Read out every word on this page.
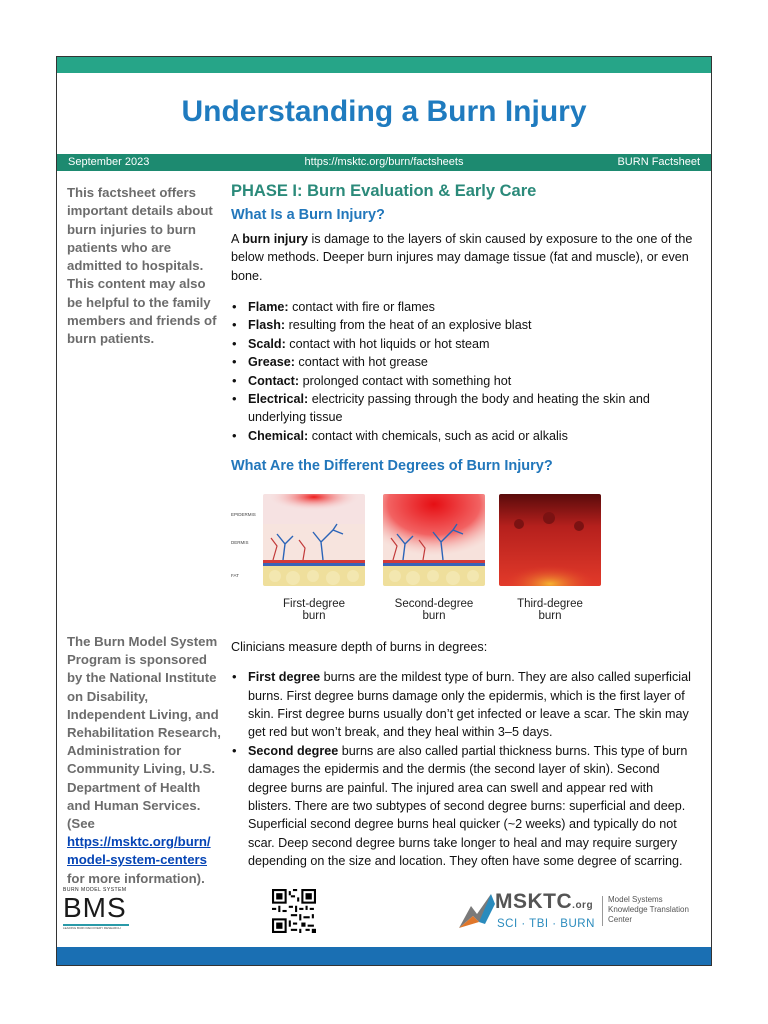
Understanding a Burn Injury
September 2023	https://msktc.org/burn/factsheets	BURN Factsheet
This factsheet offers important details about burn injuries to burn patients who are admitted to hospitals. This content may also be helpful to the family members and friends of burn patients.
The Burn Model System Program is sponsored by the National Institute on Disability, Independent Living, and Rehabilitation Research, Administration for Community Living, U.S. Department of Health and Human Services. (See https://msktc.org/burn/
model-system-centers
for more information).
BURN MODEL SYSTEM
BMS
LEADING BURN RECOVERY RESEARCH
PHASE I: Burn Evaluation & Early Care
What Is a Burn Injury?

A burn injury is damage to the layers of skin caused by exposure to the one of the below methods. Deeper burn injures may damage tissue (fat and muscle), or even bone.

• Flame: contact with fire or flames
• Flash: resulting from the heat of an explosive blast
• Scald: contact with hot liquids or hot steam
• Grease: contact with hot grease
• Contact: prolonged contact with something hot
• Electrical: electricity passing through the body and heating the skin and underlying tissue
• Chemical: contact with chemicals, such as acid or alkalis
What Are the Different Degrees of Burn Injury?
EPIDERMIS
DERMIS
FAT
First-degree
burn
Second-degree
burn
Third-degree
burn

Clinicians measure depth of burns in degrees:

• First degree burns are the mildest type of burn. They are also called superficial burns. First degree burns damage only the epidermis, which is the first layer of skin. First degree burns usually don’t get infected or leave a scar. The skin may get red but won’t break, and they heal within 3–5 days.
• Second degree burns are also called partial thickness burns. This type of burn damages the epidermis and the dermis (the second layer of skin). Second degree burns are painful. The injured area can swell and appear red with blisters. There are two subtypes of second degree burns: superficial and deep. Superficial second degree burns heal quicker (~2 weeks) and typically do not scar. Deep second degree burns take longer to heal and may require surgery depending on the size and location. They often have some degree of scarring.
MSKTC.org
SCI · TBI · BURN
Model Systems
Knowledge Translation
Center
